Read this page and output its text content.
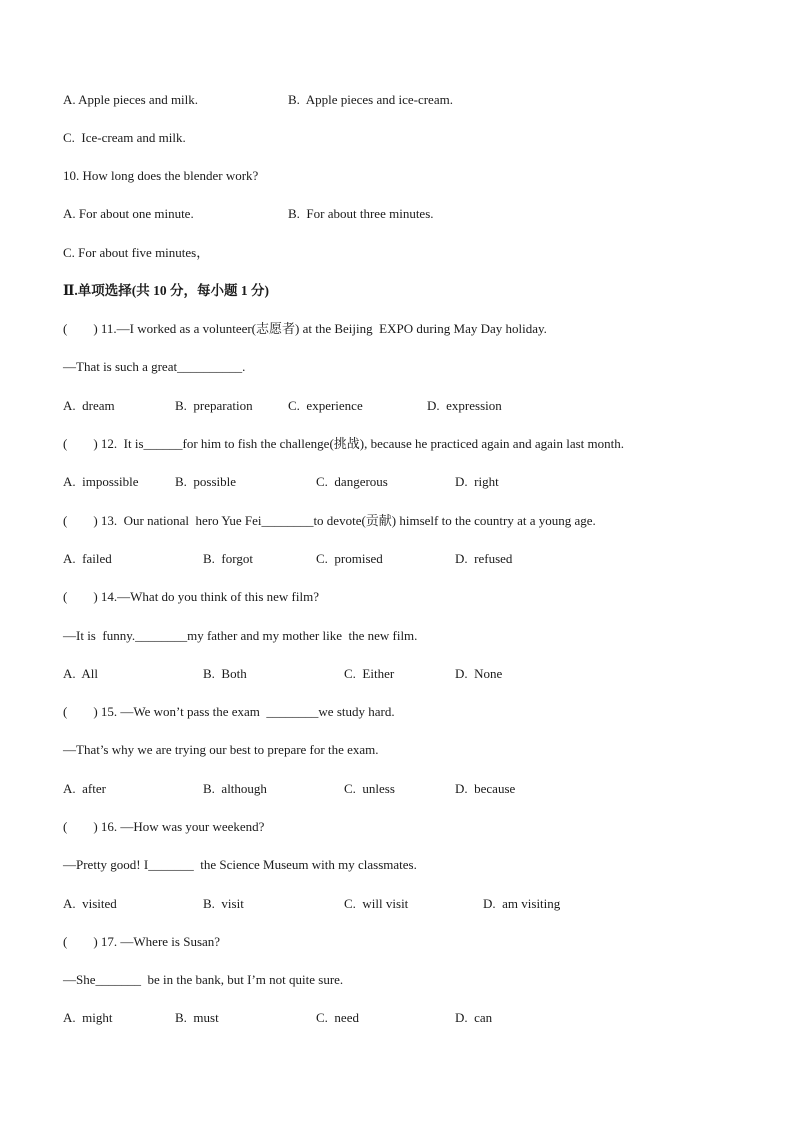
A. Apple pieces and milk.	B.  Apple pieces and ice-cream.
C.  Ice-cream and milk.
10. How long does the blender work?
A. For about one minute.	B.  For about three minutes.
C. For about five minutes，
Ⅱ.单项选择(共 10 分，每小题 1 分)
(        ) 11.—I worked as a volunteer(志愿者) at the Beijing  EXPO during May Day holiday.
—That is such a great__________.
A.  dream	B.  preparation	C.  experience	D.  expression
(        ) 12.  It is______for him to fish the challenge(挑战), because he practiced again and again last month.
A.  impossible	B.  possible	C.  dangerous	D.  right
(        ) 13.  Our national  hero Yue Fei________to devote(贡献) himself to the country at a young age.
A.  failed	B.  forgot	C.  promised	D.  refused
(        ) 14.—What do you think of this new film?
—It is  funny.________my father and my mother like  the new film.
A.  All	B.  Both	C.  Either	D.  None
(        ) 15. —We won’t pass the exam  ________we study hard.
—That’s why we are trying our best to prepare for the exam.
A.  after	B.  although	C.  unless	D.  because
(        ) 16. —How was your weekend?
—Pretty good! I_______  the Science Museum with my classmates.
A.  visited	B.  visit	C.  will visit	D.  am visiting
(        ) 17. —Where is Susan?
—She_______  be in the bank, but I’m not quite sure.
A.  might	B.  must	C.  need	D.  can
